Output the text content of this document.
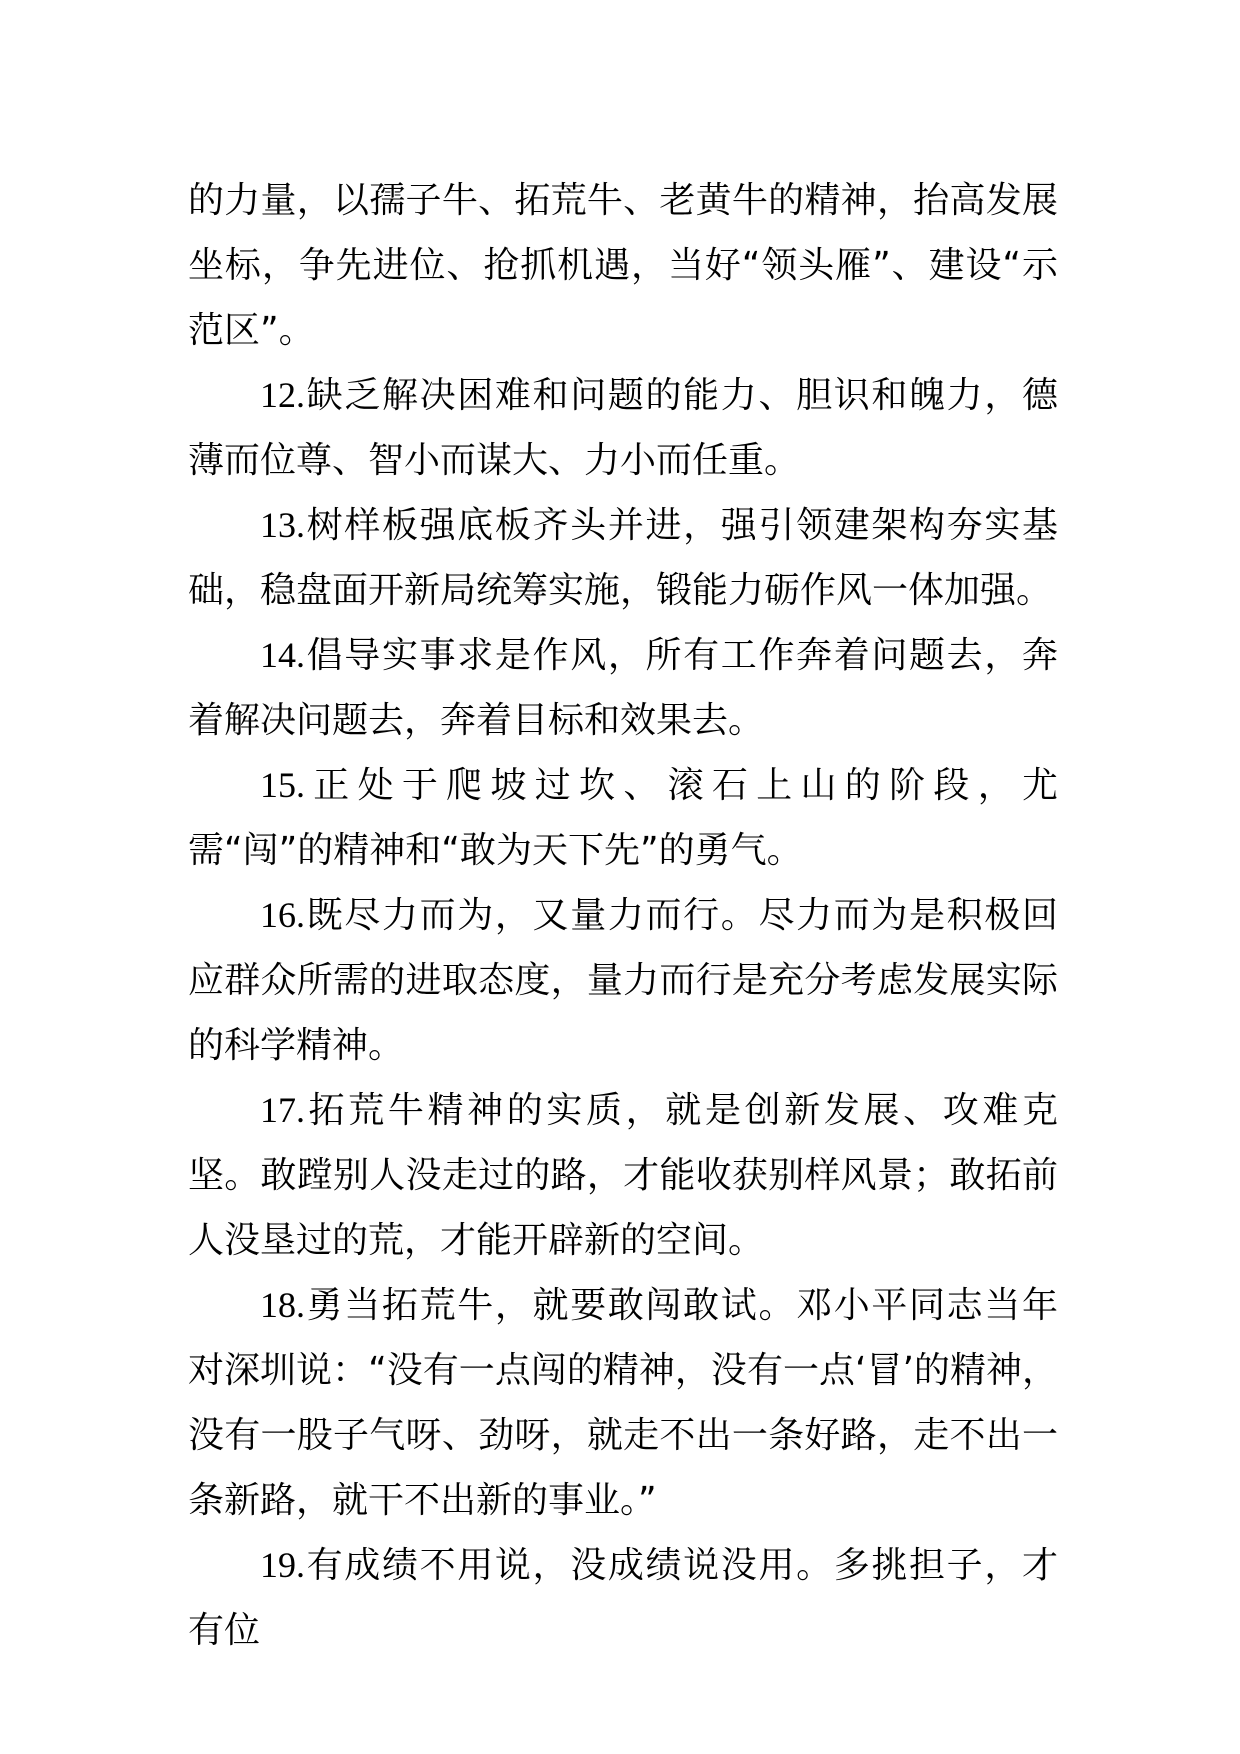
的力量，以孺子牛、拓荒牛、老黄牛的精神，抬高发展坐标，争先进位、抢抓机遇，当好“领头雁”、建设“示范区”。

12.缺乏解决困难和问题的能力、胆识和魄力，德薄而位尊、智小而谋大、力小而任重。

13.树样板强底板齐头并进，强引领建架构夯实基础，稳盘面开新局统筹实施，锻能力砺作风一体加强。

14.倡导实事求是作风，所有工作奔着问题去，奔着解决问题去，奔着目标和效果去。

15.正处于爬坡过坎、滚石上山的阶段，尤需“闯”的精神和“敢为天下先”的勇气。

16.既尽力而为，又量力而行。尽力而为是积极回应群众所需的进取态度，量力而行是充分考虑发展实际的科学精神。

17.拓荒牛精神的实质，就是创新发展、攻难克坚。敢蹚别人没走过的路，才能收获别样风景；敢拓前人没垦过的荒，才能开辟新的空间。

18.勇当拓荒牛，就要敢闯敢试。邓小平同志当年对深圳说：“没有一点闯的精神，没有一点‘冒’的精神，没有一股子气呀、劲呀，就走不出一条好路，走不出一条新路，就干不出新的事业。”

19.有成绩不用说，没成绩说没用。多挑担子，才有位
